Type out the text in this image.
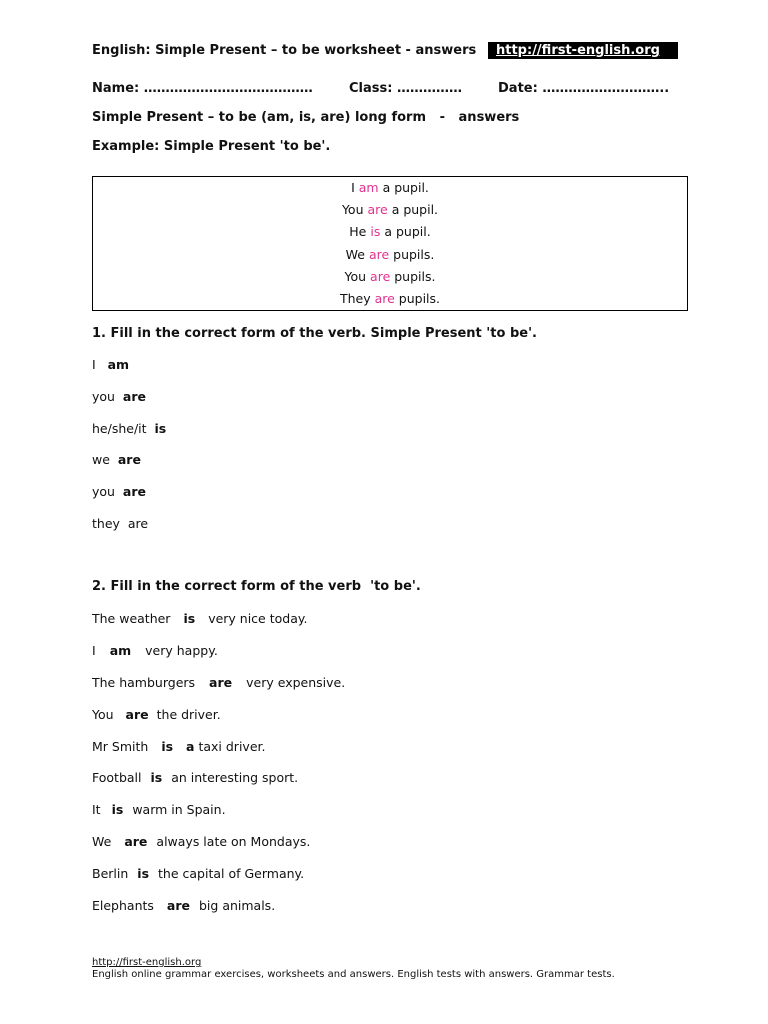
English: Simple Present – to be worksheet - answers	http://first-english.org
Name: …………………………………	Class: ……………	Date: ………………………..
Simple Present – to be (am, is, are) long form   -   answers
Example: Simple Present 'to be'.
I am a pupil.
You are a pupil.
He is a pupil.
We are pupils.
You are pupils.
They are pupils.
1. Fill in the correct form of the verb. Simple Present 'to be'.
I am
you are
he/she/it is
we are
you are
they are
2. Fill in the correct form of the verb  'to be'.
The weather is very nice today.
I am very happy.
The hamburgers are very expensive.
You are the driver.
Mr Smith is a taxi driver.
Football is an interesting sport.
It is warm in Spain.
We are always late on Mondays.
Berlin is the capital of Germany.
Elephants are big animals.
http://first-english.org
English online grammar exercises, worksheets and answers. English tests with answers. Grammar tests.
